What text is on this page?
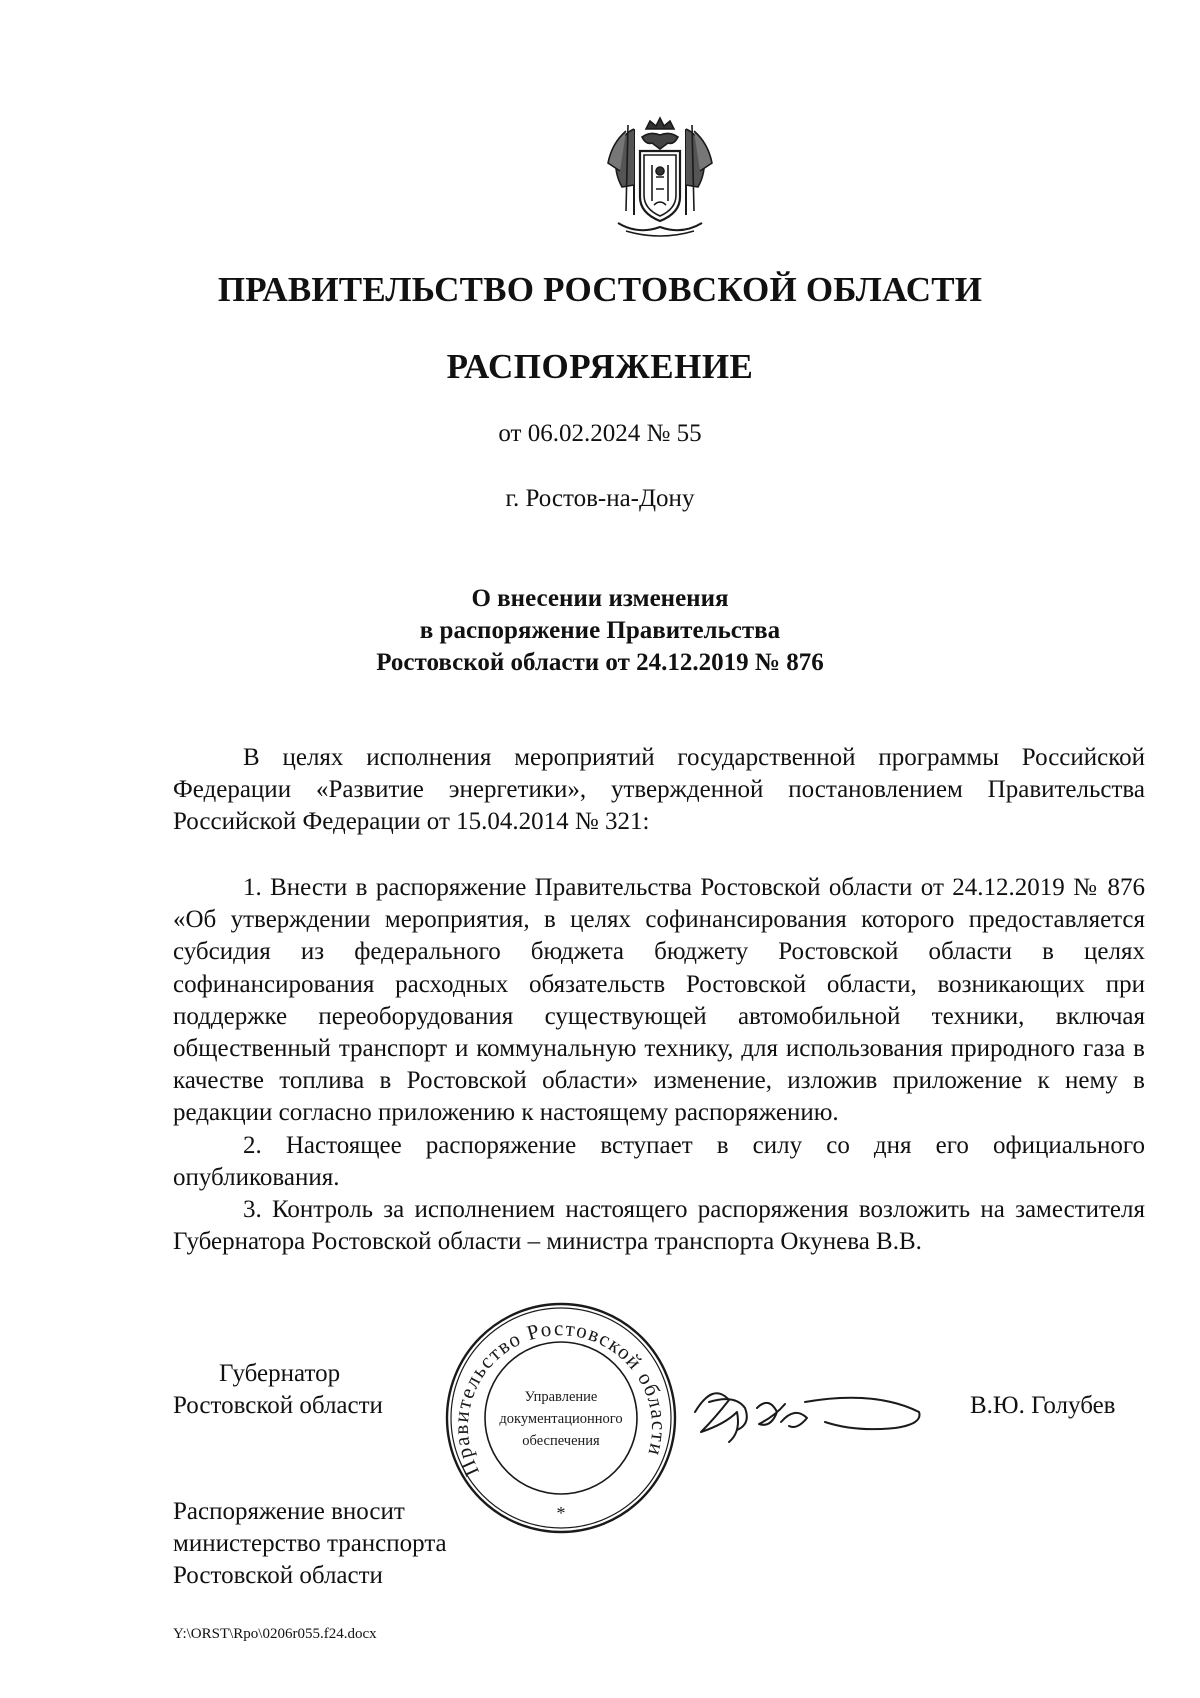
ПРАВИТЕЛЬСТВО РОСТОВСКОЙ ОБЛАСТИ
РАСПОРЯЖЕНИЕ
от 06.02.2024 № 55
г. Ростов-на-Дону
О внесении изменения
в распоряжение Правительства
Ростовской области от 24.12.2019 № 876

В целях исполнения мероприятий государственной программы Российской Федерации «Развитие энергетики», утвержденной постановлением Правительства Российской Федерации от 15.04.2014 № 321:

1. Внести в распоряжение Правительства Ростовской области от 24.12.2019 № 876 «Об утверждении мероприятия, в целях софинансирования которого предоставляется субсидия из федерального бюджета бюджету Ростовской области в целях софинансирования расходных обязательств Ростовской области, возникающих при поддержке переоборудования существующей автомобильной техники, включая общественный транспорт и коммунальную технику, для использования природного газа в качестве топлива в Ростовской области» изменение, изложив приложение к нему в редакции согласно приложению к настоящему распоряжению.

2. Настоящее распоряжение вступает в силу со дня его официального опубликования.

3. Контроль за исполнением настоящего распоряжения возложить на заместителя Губернатора Ростовской области – министра транспорта Окунева В.В.

Губернатор
Ростовской области
Правительство Ростовской области
Управление
документационного
обеспечения
*
В.Ю. Голубев
Распоряжение вносит
министерство транспорта
Ростовской области
Y:\ORST\Rpo\0206r055.f24.docx
